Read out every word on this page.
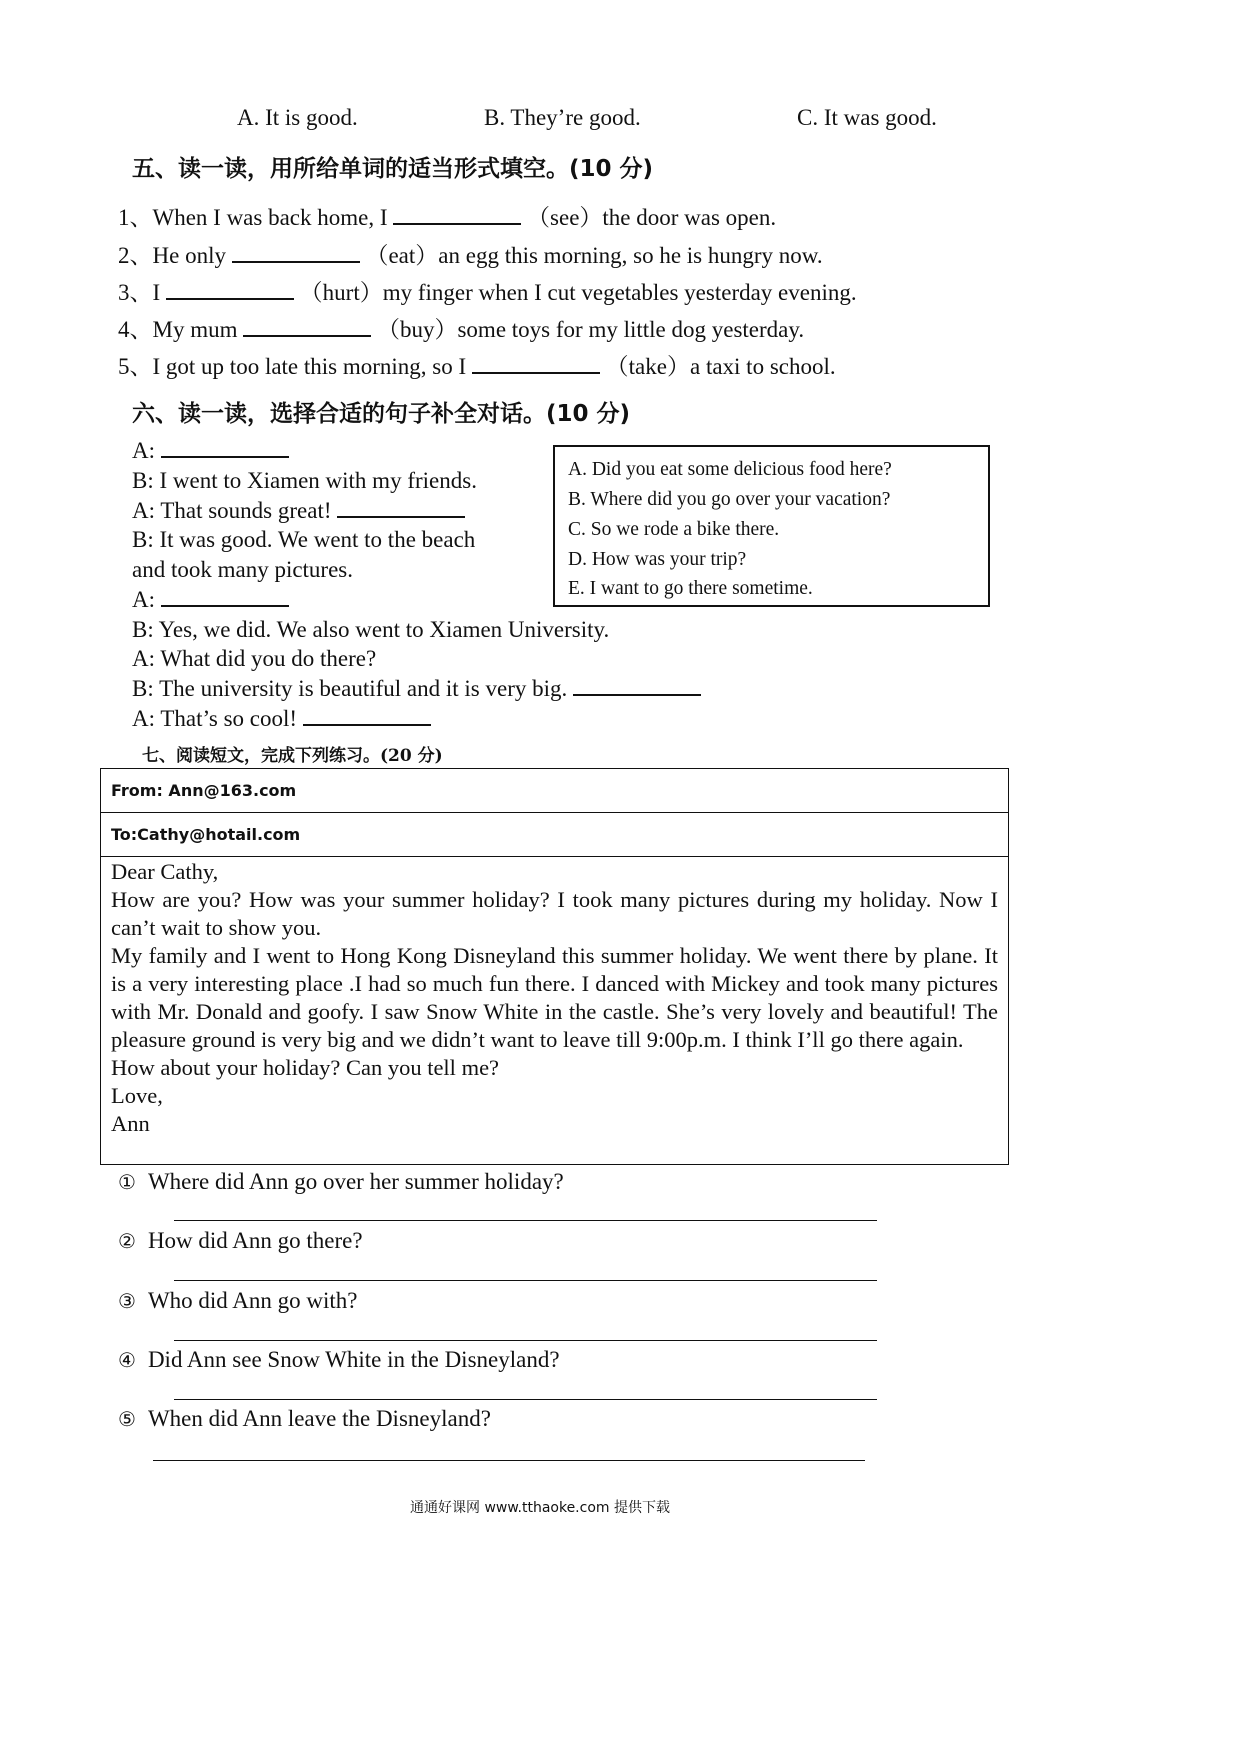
A. It is good.	B. They’re good.	C. It was good.
五、读一读，用所给单词的适当形式填空。(10 分)
1、When I was back home, I	（see）the door was open.
2、He only	（eat）an egg this morning, so he is hungry now.
3、I	（hurt）my finger when I cut vegetables yesterday evening.
4、My mum	（buy）some toys for my little dog yesterday.
5、I got up too late this morning, so I	（take）a taxi to school.
六、读一读，选择合适的句子补全对话。(10 分)
A:
B: I went to Xiamen with my friends.
A: That sounds great!
B: It was good. We went to the beach
and took many pictures.
A:
B: Yes, we did. We also went to Xiamen University.
A: What did you do there?
B: The university is beautiful and it is very big.
A: That’s so cool!
A. Did you eat some delicious food here?
B. Where did you go over your vacation?
C. So we rode a bike there.
D. How was your trip?
E. I want to go there sometime.
七、阅读短文，完成下列练习。(20 分)
From: Ann@163.com
To:Cathy@hotail.com

Dear Cathy,

How are you? How was your summer holiday? I took many pictures during my holiday. Now I can’t wait to show you.

My family and I went to Hong Kong Disneyland this summer holiday. We went there by plane. It is a very interesting place .I had so much fun there. I danced with Mickey and took many pictures with Mr. Donald and goofy. I saw Snow White in the castle. She’s very lovely and beautiful! The pleasure ground is very big and we didn’t want to leave till 9:00p.m. I think I’ll go there again.

How about your holiday? Can you tell me?

Love,

Ann

① Where did Ann go over her summer holiday?
② How did Ann go there?
③ Who did Ann go with?
④ Did Ann see Snow White in the Disneyland?
⑤ When did Ann leave the Disneyland?
通通好课网 www.tthaoke.com 提供下载
